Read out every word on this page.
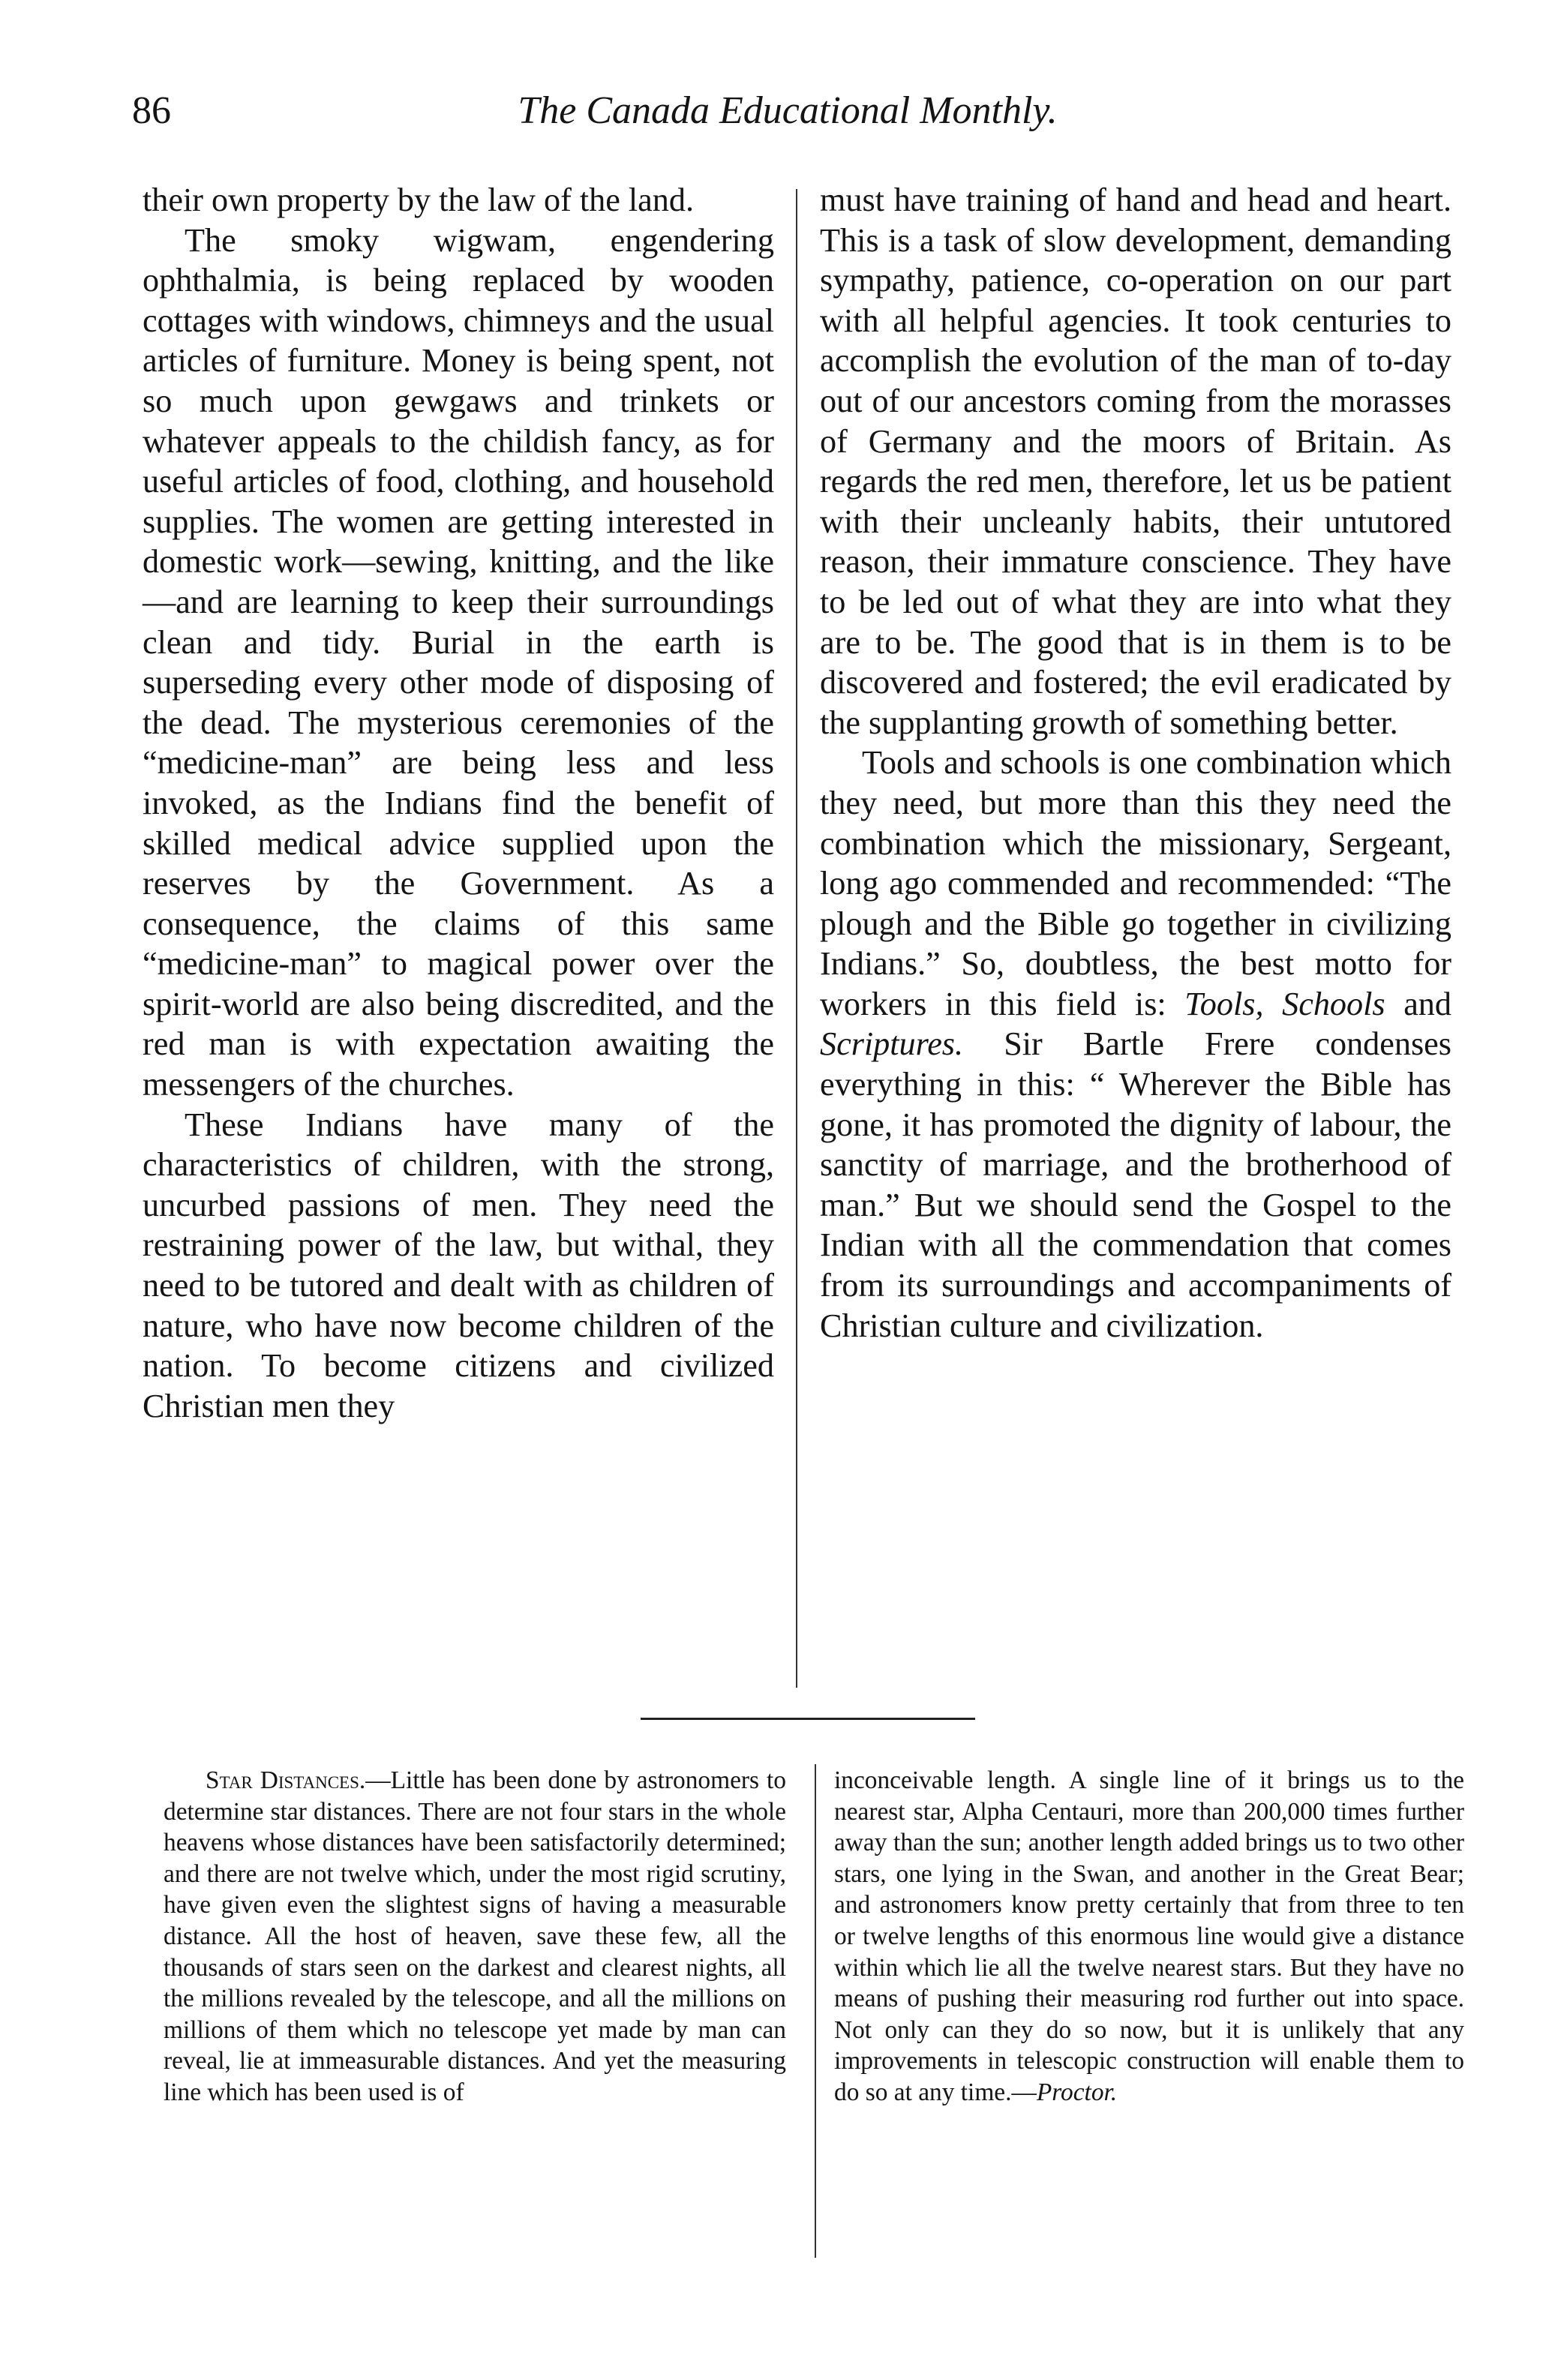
86	The Canada Educational Monthly.

their own property by the law of the land.

The smoky wigwam, engendering ophthalmia, is being replaced by wooden cottages with windows, chimneys and the usual articles of furniture. Money is being spent, not so much upon gewgaws and trinkets or whatever appeals to the childish fancy, as for useful articles of food, clothing, and household supplies. The women are getting interested in domestic work—sewing, knitting, and the like —and are learning to keep their surroundings clean and tidy. Burial in the earth is superseding every other mode of disposing of the dead. The mysterious ceremonies of the “medicine-man” are being less and less invoked, as the Indians find the benefit of skilled medical advice supplied upon the reserves by the Government. As a consequence, the claims of this same “medicine-man” to magical power over the spirit-world are also being discredited, and the red man is with expectation awaiting the messengers of the churches.

These Indians have many of the characteristics of children, with the strong, uncurbed passions of men. They need the restraining power of the law, but withal, they need to be tutored and dealt with as children of nature, who have now become children of the nation. To become citizens and civilized Christian men they

must have training of hand and head and heart. This is a task of slow development, demanding sympathy, patience, co-operation on our part with all helpful agencies. It took centuries to accomplish the evolution of the man of to-day out of our ancestors coming from the morasses of Germany and the moors of Britain. As regards the red men, therefore, let us be patient with their uncleanly habits, their untutored reason, their immature conscience. They have to be led out of what they are into what they are to be. The good that is in them is to be discovered and fostered; the evil eradicated by the supplanting growth of something better.

Tools and schools is one combination which they need, but more than this they need the combination which the missionary, Sergeant, long ago commended and recommended: “The plough and the Bible go together in civilizing Indians.” So, doubtless, the best motto for workers in this field is: Tools, Schools and Scriptures. Sir Bartle Frere condenses everything in this: “ Wherever the Bible has gone, it has promoted the dignity of labour, the sanctity of marriage, and the brotherhood of man.” But we should send the Gospel to the Indian with all the commendation that comes from its surroundings and accompaniments of Christian culture and civilization.

Star Distances.—Little has been done by astronomers to determine star distances. There are not four stars in the whole heavens whose distances have been satisfactorily determined; and there are not twelve which, under the most rigid scrutiny, have given even the slightest signs of having a measurable distance. All the host of heaven, save these few, all the thousands of stars seen on the darkest and clearest nights, all the millions revealed by the telescope, and all the millions on millions of them which no telescope yet made by man can reveal, lie at immeasurable distances. And yet the measuring line which has been used is of

inconceivable length. A single line of it brings us to the nearest star, Alpha Centauri, more than 200,000 times further away than the sun; another length added brings us to two other stars, one lying in the Swan, and another in the Great Bear; and astronomers know pretty certainly that from three to ten or twelve lengths of this enormous line would give a distance within which lie all the twelve nearest stars. But they have no means of pushing their measuring rod further out into space. Not only can they do so now, but it is unlikely that any improvements in telescopic construction will enable them to do so at any time.—Proctor.
